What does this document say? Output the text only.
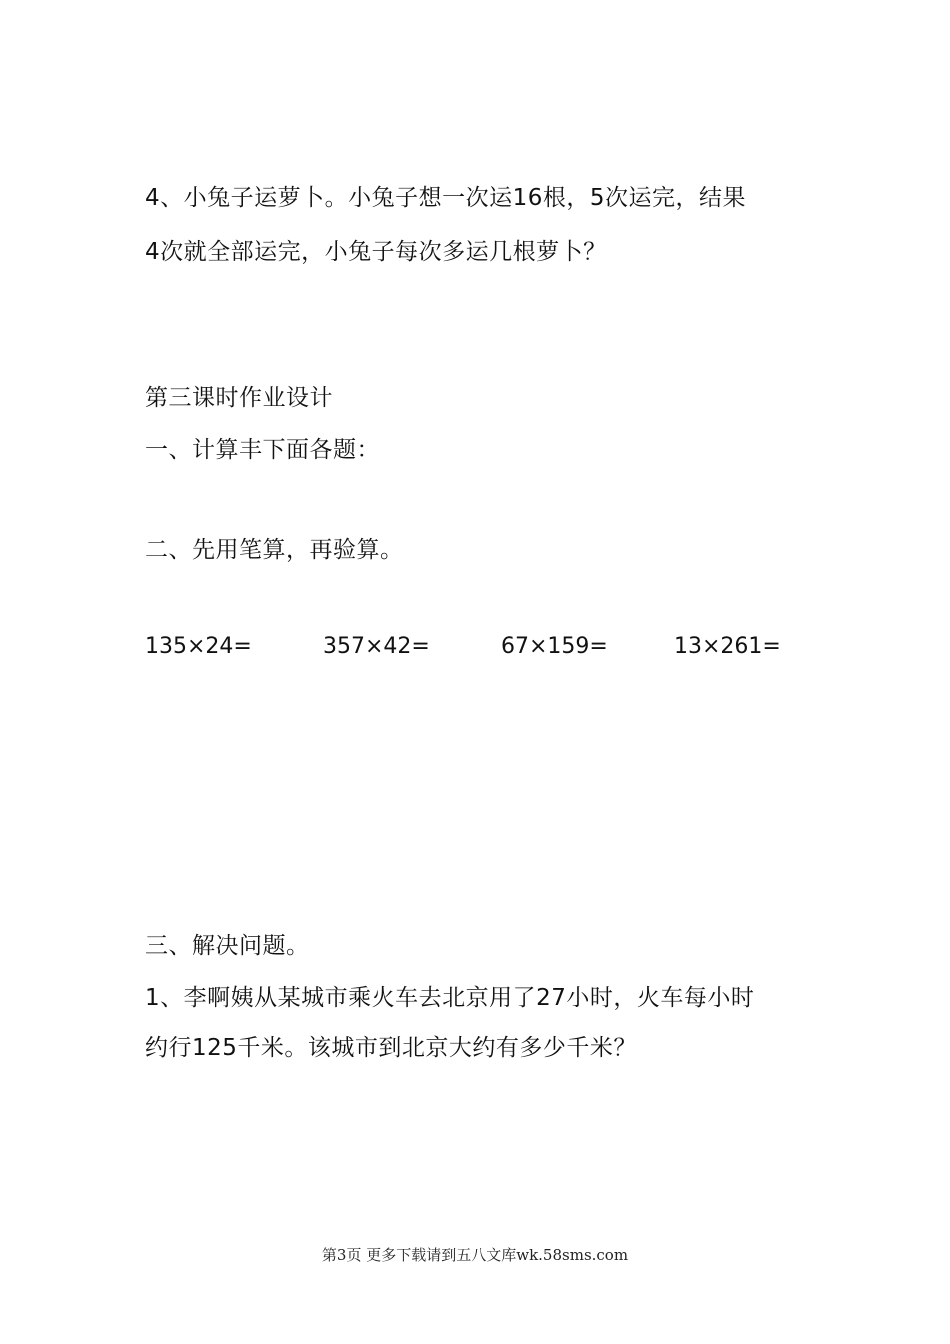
4、小兔子运萝卜。小兔子想一次运16根，5次运完，结果
4次就全部运完，小兔子每次多运几根萝卜？
第三课时作业设计
一、计算丰下面各题：
二、先用笔算，再验算。
135×24=	357×42=	67×159=	13×261=
三、解决问题。
1、李啊姨从某城市乘火车去北京用了27小时，火车每小时
约行125千米。该城市到北京大约有多少千米？
第3页 更多下载请到五八文库wk.58sms.com
